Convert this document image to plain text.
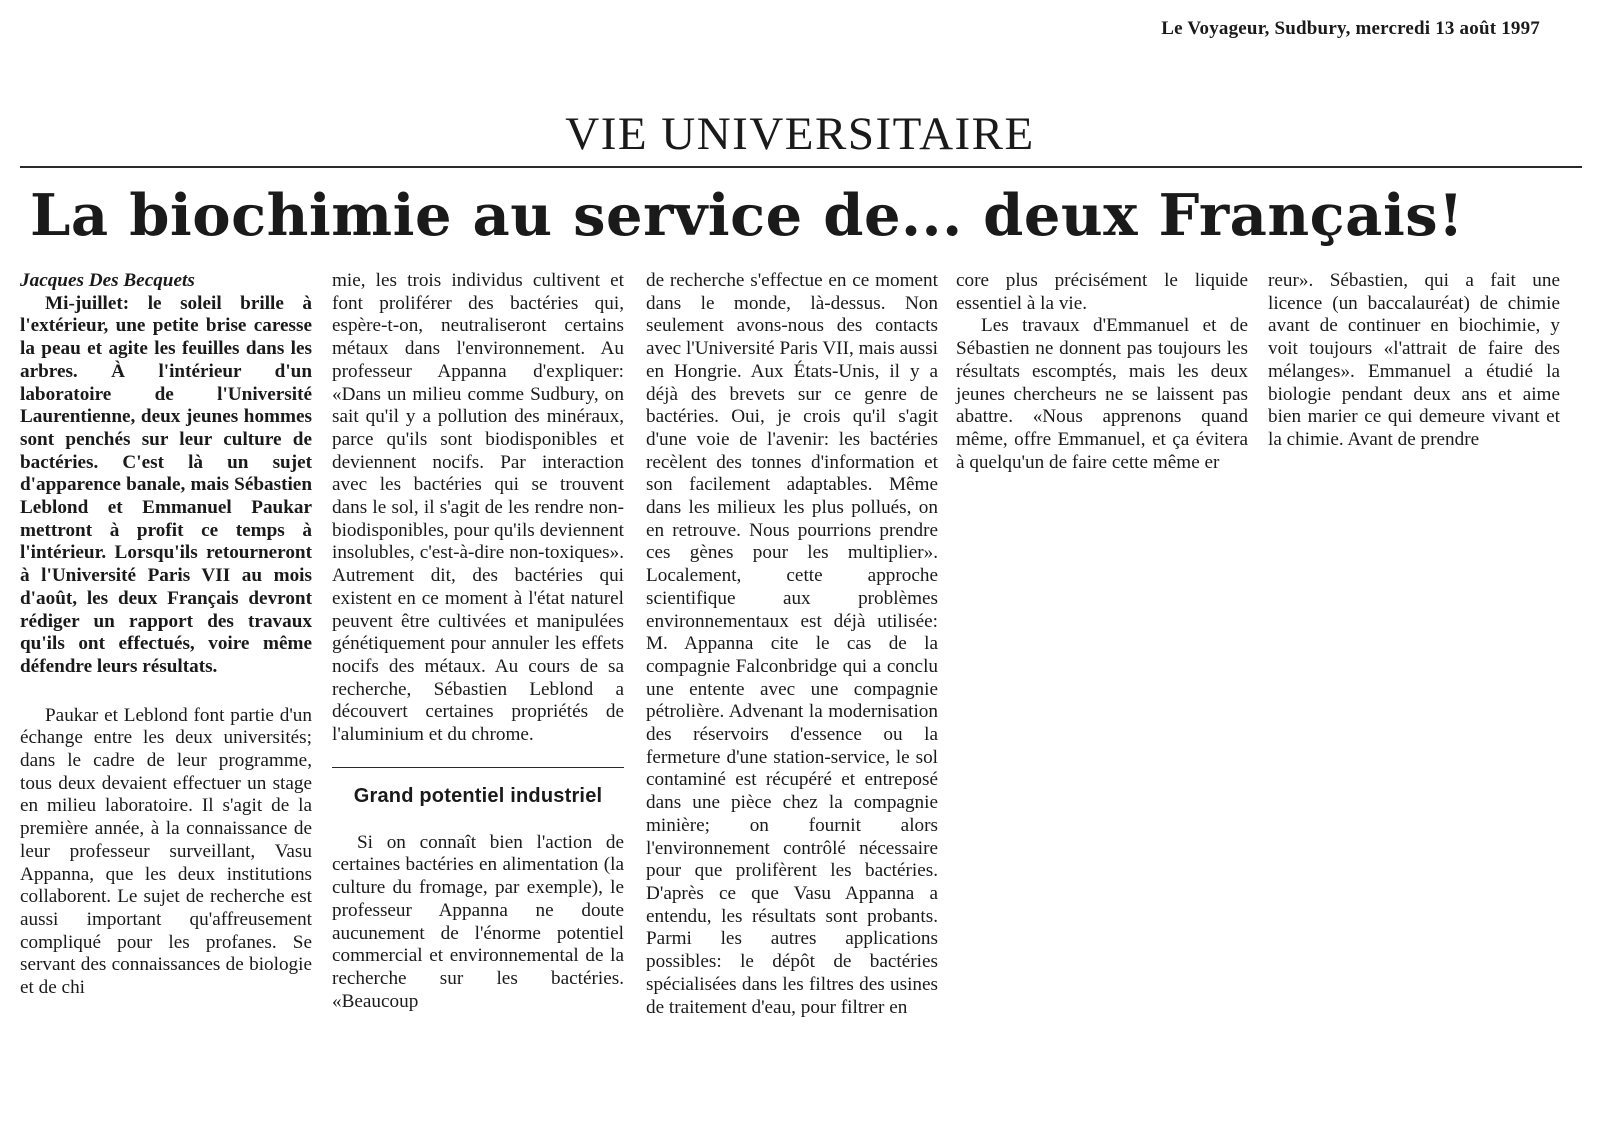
Le Voyageur, Sudbury, mercredi 13 août 1997
VIE UNIVERSITAIRE
La biochimie au service de... deux Français!

Jacques Des Becquets

Mi-juillet: le soleil brille à l'extérieur, une petite brise caresse la peau et agite les feuilles dans les arbres. À l'intérieur d'un laboratoire de l'Université Laurentienne, deux jeunes hommes sont penchés sur leur culture de bactéries. C'est là un sujet d'apparence banale, mais Sébastien Leblond et Emmanuel Paukar mettront à profit ce temps à l'intérieur. Lorsqu'ils retourneront à l'Université Paris VII au mois d'août, les deux Français devront rédiger un rapport des travaux qu'ils ont effectués, voire même défendre leurs résultats.

Paukar et Leblond font partie d'un échange entre les deux universités; dans le cadre de leur programme, tous deux devaient effectuer un stage en milieu laboratoire. Il s'agit de la première année, à la connaissance de leur professeur surveillant, Vasu Appanna, que les deux institutions collaborent. Le sujet de recherche est aussi important qu'affreusement compliqué pour les profanes. Se servant des connaissances de biologie et de chi

mie, les trois individus cultivent et font proliférer des bactéries qui, espère-t-on, neutraliseront certains métaux dans l'environnement. Au professeur Appanna d'expliquer: «Dans un milieu comme Sudbury, on sait qu'il y a pollution des minéraux, parce qu'ils sont biodisponibles et deviennent nocifs. Par interaction avec les bactéries qui se trouvent dans le sol, il s'agit de les rendre non-biodisponibles, pour qu'ils deviennent insolubles, c'est-à-dire non-toxiques». Autrement dit, des bactéries qui existent en ce moment à l'état naturel peuvent être cultivées et manipulées génétiquement pour annuler les effets nocifs des métaux. Au cours de sa recherche, Sébastien Leblond a découvert certaines propriétés de l'aluminium et du chrome.

Grand potentiel industriel

Si on connaît bien l'action de certaines bactéries en alimentation (la culture du fromage, par exemple), le professeur Appanna ne doute aucunement de l'énorme potentiel commercial et environnemental de la recherche sur les bactéries. «Beaucoup

de recherche s'effectue en ce moment dans le monde, là-dessus. Non seulement avons-nous des contacts avec l'Université Paris VII, mais aussi en Hongrie. Aux États-Unis, il y a déjà des brevets sur ce genre de bactéries. Oui, je crois qu'il s'agit d'une voie de l'avenir: les bactéries recèlent des tonnes d'information et son facilement adaptables. Même dans les milieux les plus pollués, on en retrouve. Nous pourrions prendre ces gènes pour les multiplier». Localement, cette approche scientifique aux problèmes environnementaux est déjà utilisée: M. Appanna cite le cas de la compagnie Falconbridge qui a conclu une entente avec une compagnie pétrolière. Advenant la modernisation des réservoirs d'essence ou la fermeture d'une station-service, le sol contaminé est récupéré et entreposé dans une pièce chez la compagnie minière; on fournit alors l'environnement contrôlé nécessaire pour que prolifèrent les bactéries. D'après ce que Vasu Appanna a entendu, les résultats sont probants. Parmi les autres applications possibles: le dépôt de bactéries spécialisées dans les filtres des usines de traitement d'eau, pour filtrer en

core plus précisément le liquide essentiel à la vie.

Les travaux d'Emmanuel et de Sébastien ne donnent pas toujours les résultats escomptés, mais les deux jeunes chercheurs ne se laissent pas abattre. «Nous apprenons quand même, offre Emmanuel, et ça évitera à quelqu'un de faire cette même er

reur». Sébastien, qui a fait une licence (un baccalauréat) de chimie avant de continuer en biochimie, y voit toujours «l'attrait de faire des mélanges». Emmanuel a étudié la biologie pendant deux ans et aime bien marier ce qui demeure vivant et la chimie. Avant de prendre
